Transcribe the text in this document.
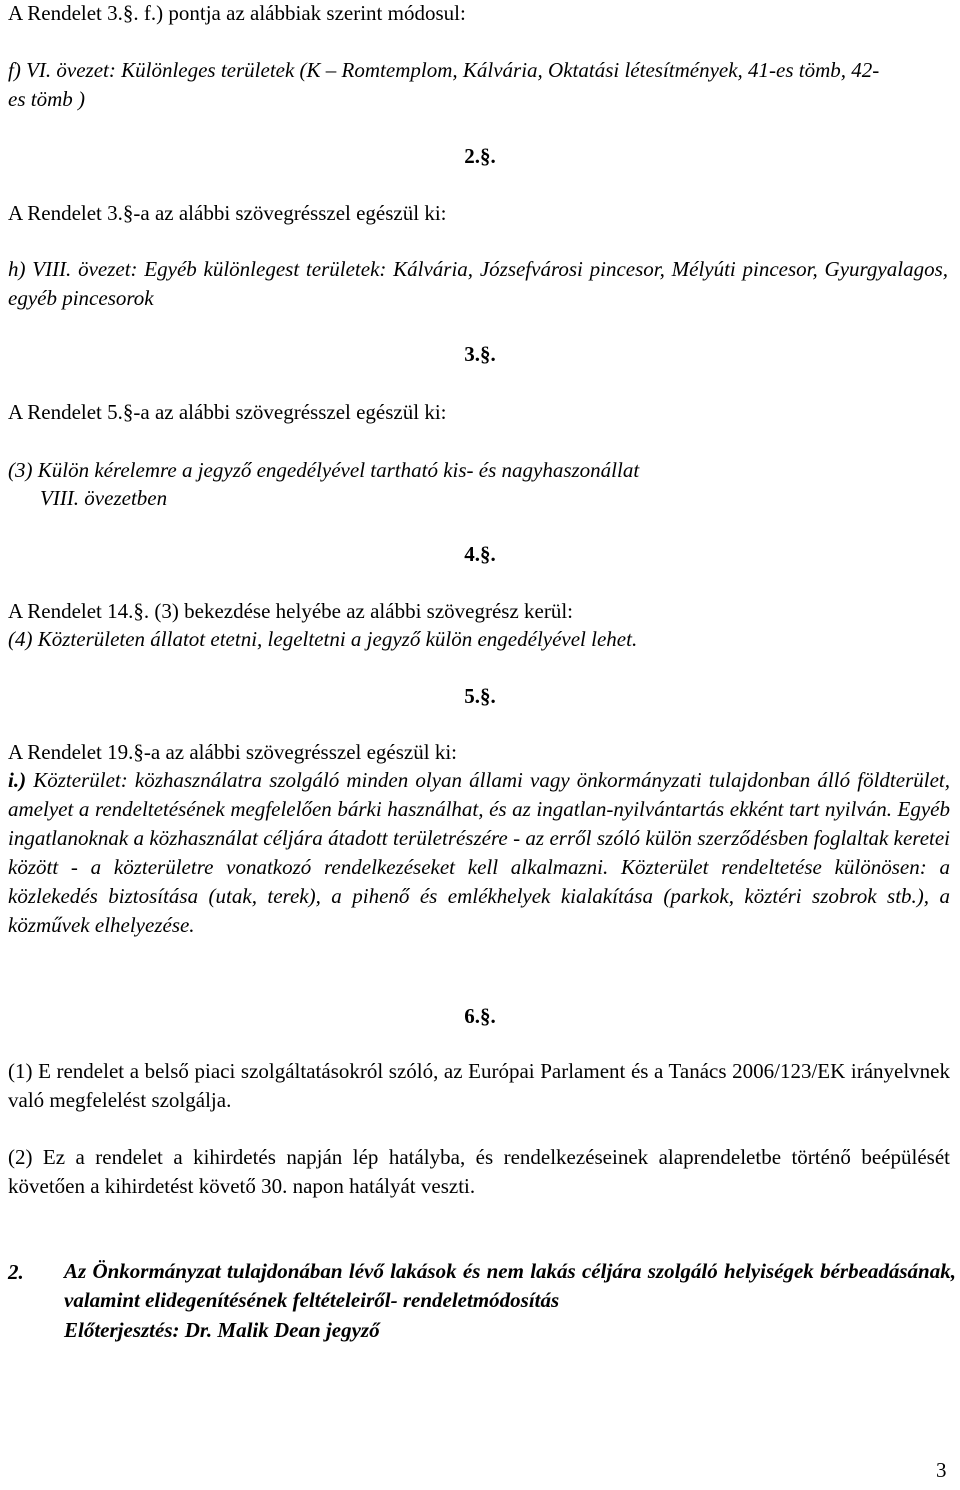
A Rendelet 3.§. f.) pontja az alábbiak szerint módosul:
f) VI. övezet: Különleges területek (K – Romtemplom, Kálvária, Oktatási létesítmények, 41-es tömb, 42-es tömb )
2.§.
A Rendelet 3.§-a az alábbi szövegrésszel egészül ki:
h) VIII. övezet: Egyéb különlegest területek: Kálvária, Józsefvárosi pincesor, Mélyúti pincesor, Gyurgyalagos, egyéb pincesorok
3.§.
A Rendelet 5.§-a az alábbi szövegrésszel egészül ki:
(3) Külön kérelemre a jegyző engedélyével tartható kis- és nagyhaszonállat
VIII. övezetben
4.§.
A Rendelet 14.§. (3) bekezdése helyébe az alábbi szövegrész kerül:
(4) Közterületen állatot etetni, legeltetni a jegyző külön engedélyével lehet.
5.§.
A Rendelet 19.§-a az alábbi szövegrésszel egészül ki:
i.) Közterület: közhasználatra szolgáló minden olyan állami vagy önkormányzati tulajdonban álló földterület, amelyet a rendeltetésének megfelelően bárki használhat, és az ingatlan-nyilvántartás ekként tart nyilván. Egyéb ingatlanoknak a közhasználat céljára átadott területrészére - az erről szóló külön szerződésben foglaltak keretei között - a közterületre vonatkozó rendelkezéseket kell alkalmazni. Közterület rendeltetése különösen: a közlekedés biztosítása (utak, terek), a pihenő és emlékhelyek kialakítása (parkok, köztéri szobrok stb.), a közművek elhelyezése.
6.§.
(1) E rendelet a belső piaci szolgáltatásokról szóló, az Európai Parlament és a Tanács 2006/123/EK irányelvnek való megfelelést szolgálja.
(2) Ez a rendelet a kihirdetés napján lép hatályba, és rendelkezéseinek alaprendeletbe történő beépülését követően a kihirdetést követő 30. napon hatályát veszti.
2. Az Önkormányzat tulajdonában lévő lakások és nem lakás céljára szolgáló helyiségek bérbeadásának, valamint elidegenítésének feltételeiről- rendeletmódosítás
Előterjesztés: Dr. Malik Dean jegyző
3
